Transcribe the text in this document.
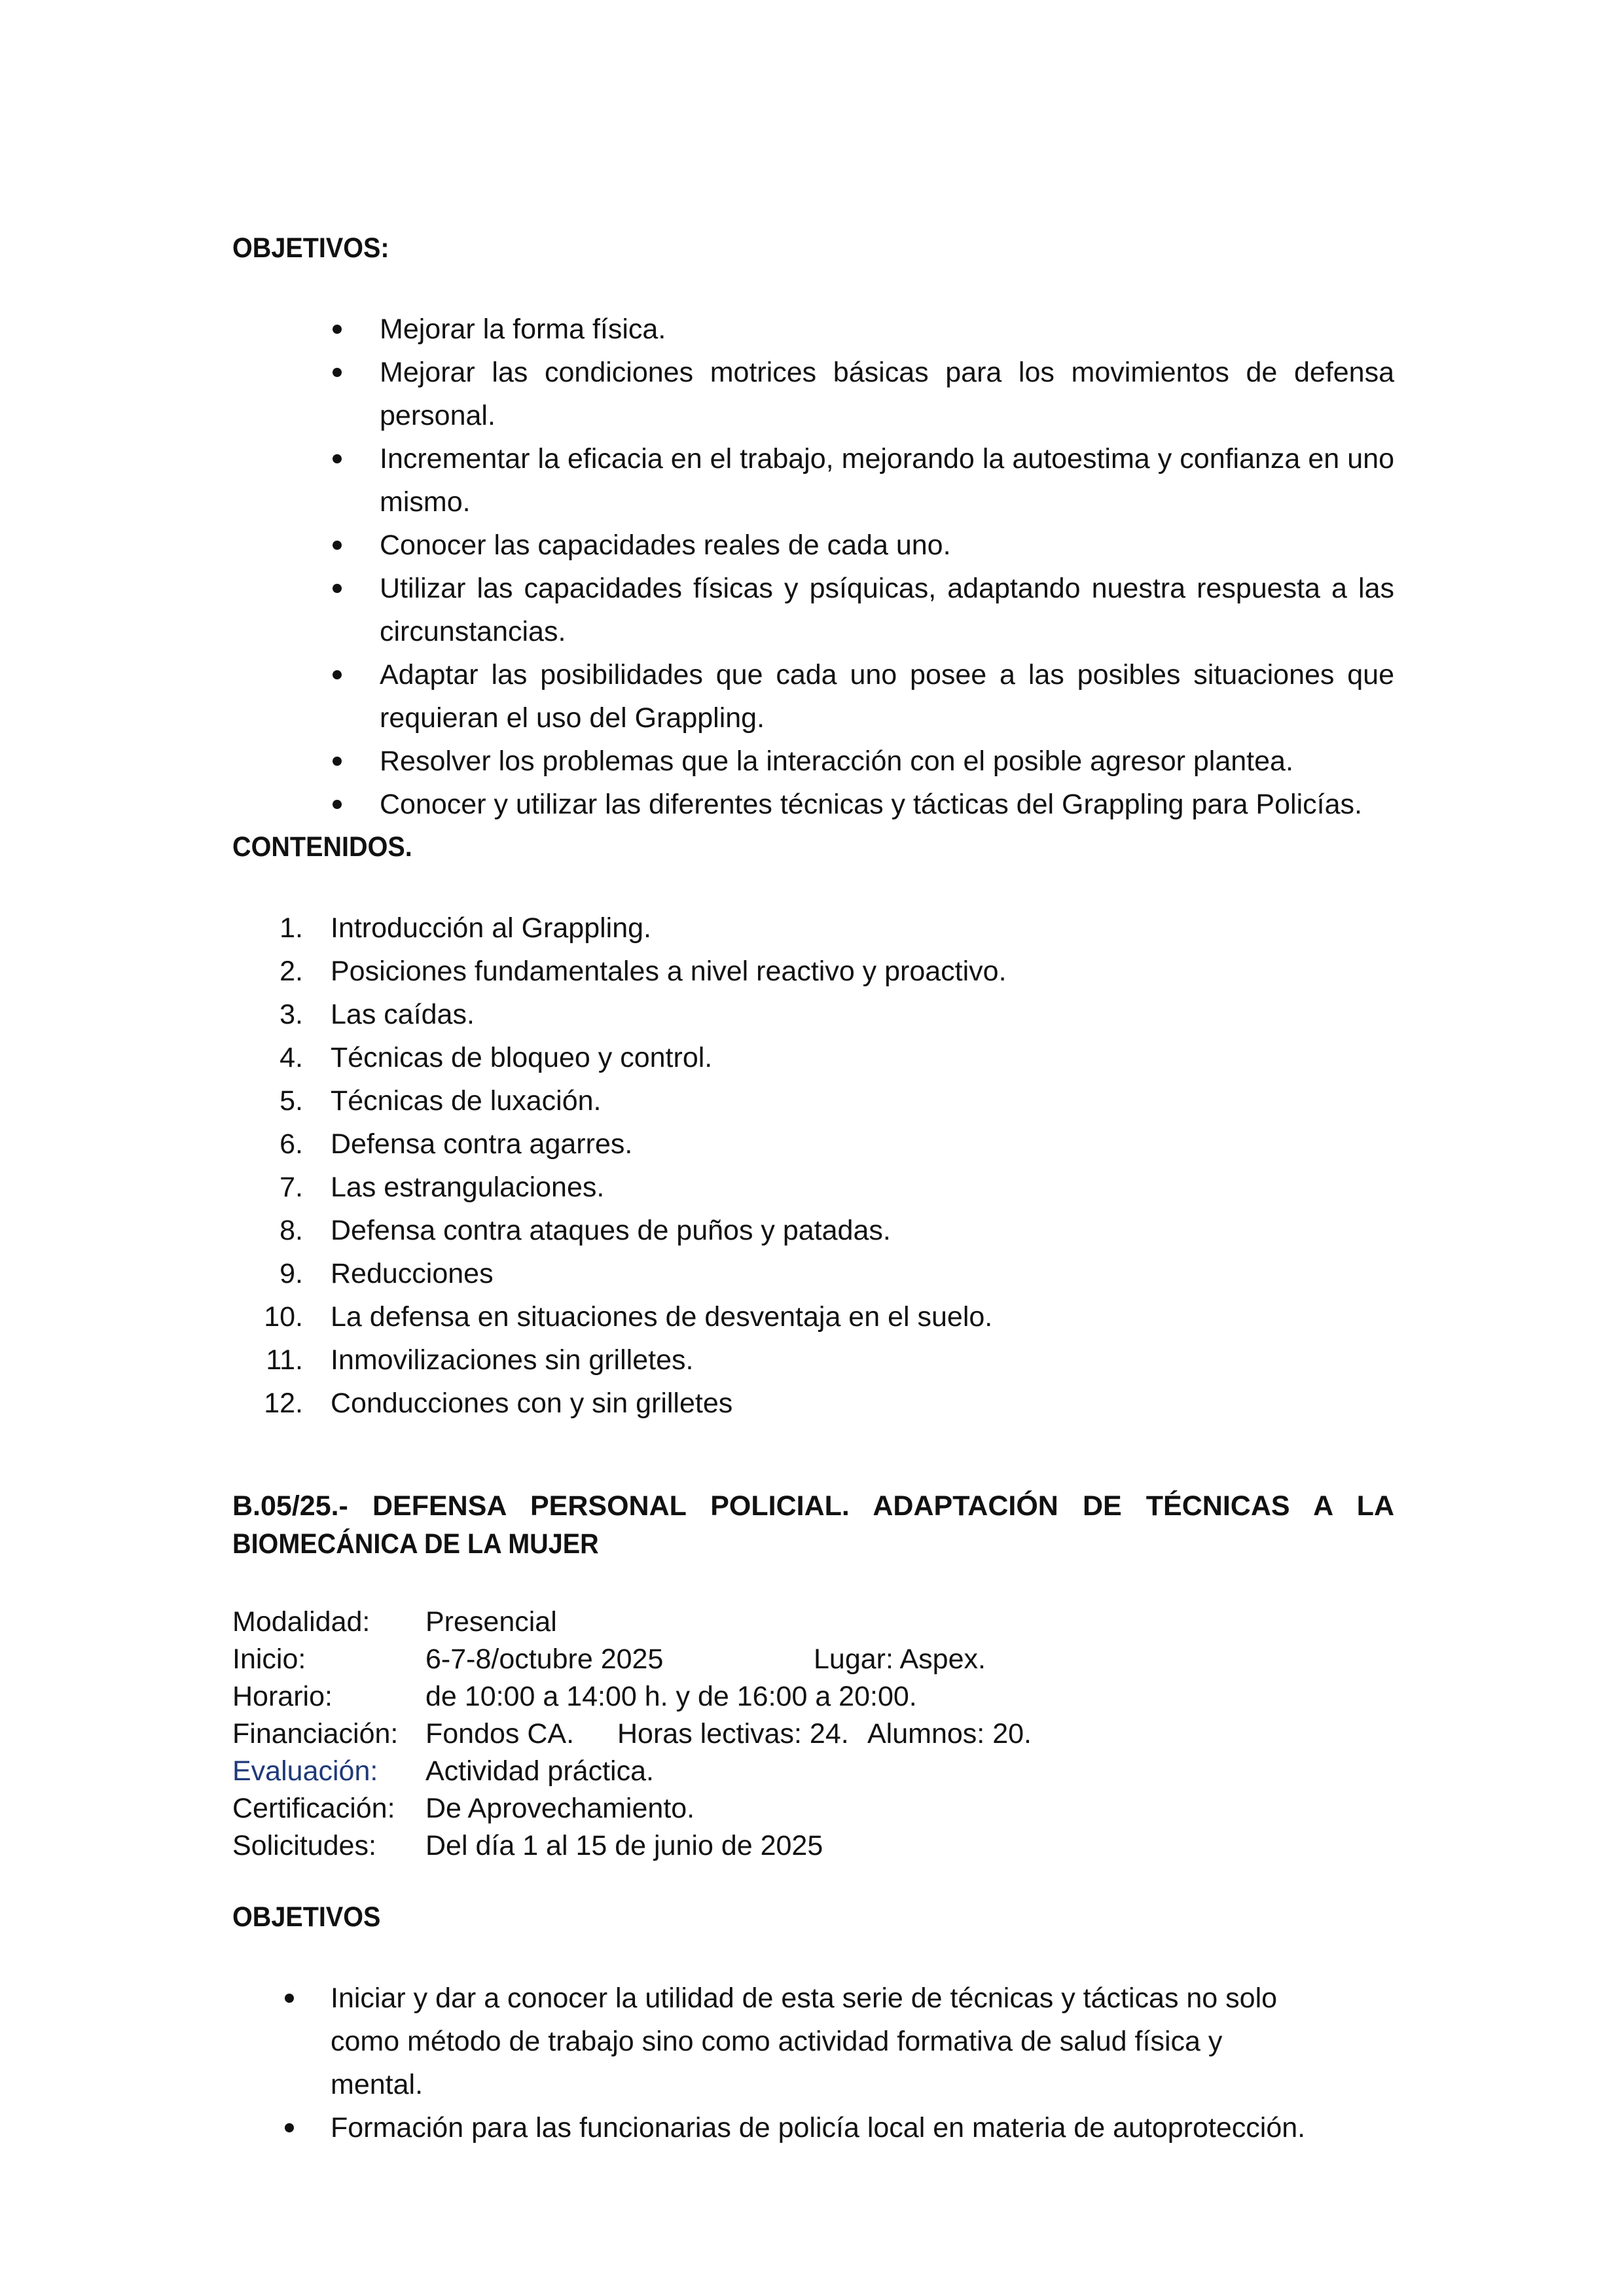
OBJETIVOS:
Mejorar la forma física.
Mejorar las condiciones motrices básicas para los movimientos de defensa personal.
Incrementar la eficacia en el trabajo, mejorando la autoestima y confianza en uno mismo.
Conocer las capacidades reales de cada uno.
Utilizar las capacidades físicas y psíquicas, adaptando nuestra respuesta a las circunstancias.
Adaptar las posibilidades que cada uno posee a las posibles situaciones que requieran el uso del Grappling.
Resolver los problemas que la interacción con el posible agresor plantea.
Conocer y utilizar las diferentes técnicas y tácticas del Grappling para Policías.
CONTENIDOS.
1. Introducción al Grappling.
2. Posiciones fundamentales a nivel reactivo y proactivo.
3. Las caídas.
4. Técnicas de bloqueo y control.
5. Técnicas de luxación.
6. Defensa contra agarres.
7. Las estrangulaciones.
8. Defensa contra ataques de puños y patadas.
9. Reducciones
10. La defensa en situaciones de desventaja en el suelo.
11. Inmovilizaciones sin grilletes.
12. Conducciones con y sin grilletes
B.05/25.- DEFENSA PERSONAL POLICIAL. ADAPTACIÓN DE TÉCNICAS A LA
BIOMECÁNICA DE LA MUJER
Modalidad: Presencial
Inicio:	6-7-8/octubre 2025	Lugar: Aspex.
Horario:	de 10:00 a 14:00 h. y de 16:00 a 20:00.
Financiación: Fondos CA. Horas lectivas: 24. Alumnos: 20.
Evaluación: Actividad práctica.
Certificación: De Aprovechamiento.
Solicitudes: Del día 1 al 15 de junio de 2025
OBJETIVOS
Iniciar y dar a conocer la utilidad de esta serie de técnicas y tácticas no solo como método de trabajo sino como actividad formativa de salud física y mental.
Formación para las funcionarias de policía local en materia de autoprotección.
